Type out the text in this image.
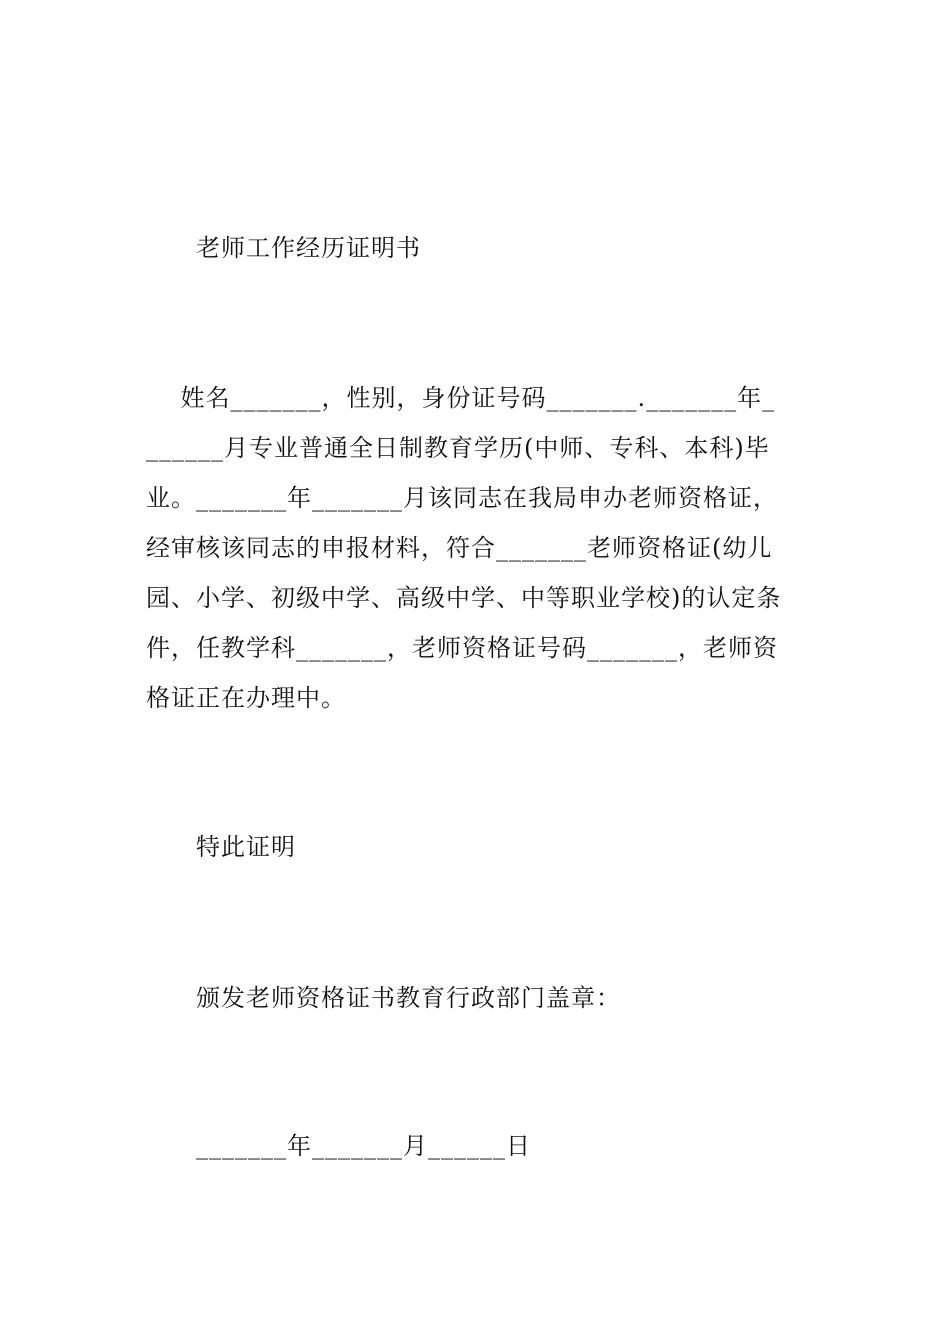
老师工作经历证明书
姓名_______，性别，身份证号码_______._______年_
______月专业普通全日制教育学历(中师、专科、本科)毕
业。_______年_______月该同志在我局申办老师资格证，
经审核该同志的申报材料，符合_______老师资格证(幼儿
园、小学、初级中学、高级中学、中等职业学校)的认定条
件，任教学科_______，老师资格证号码_______，老师资
格证正在办理中。
特此证明
颁发老师资格证书教育行政部门盖章：
_______年_______月______日
